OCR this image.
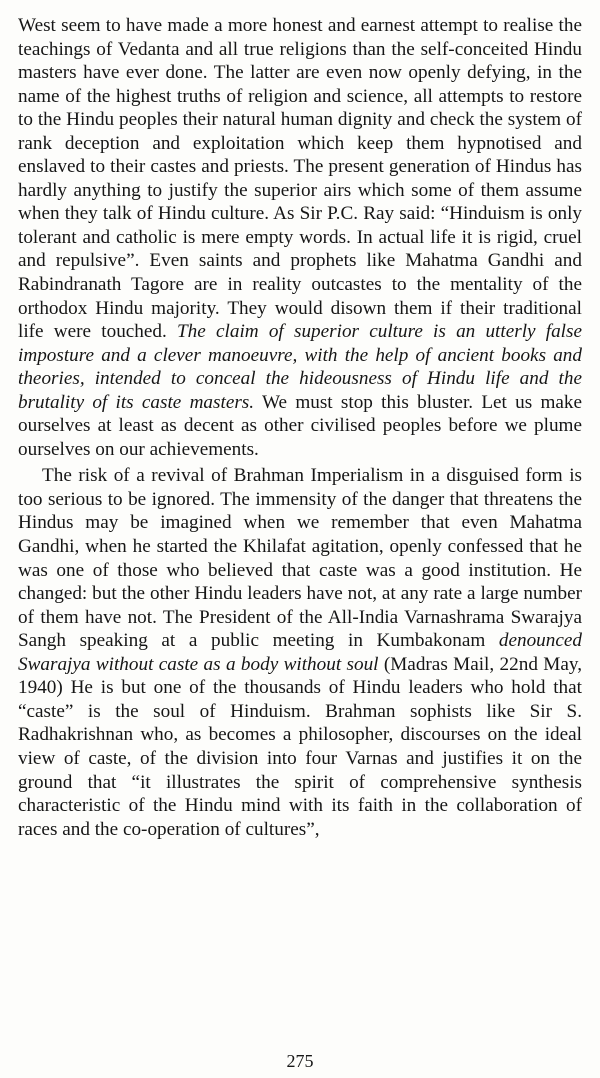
West seem to have made a more honest and earnest attempt to realise the teachings of Vedanta and all true religions than the self-conceited Hindu masters have ever done. The latter are even now openly defying, in the name of the highest truths of religion and science, all attempts to restore to the Hindu peoples their natural human dignity and check the system of rank deception and exploitation which keep them hypnotised and enslaved to their castes and priests. The present generation of Hindus has hardly anything to justify the superior airs which some of them assume when they talk of Hindu culture. As Sir P.C. Ray said: “Hinduism is only tolerant and catholic is mere empty words. In actual life it is rigid, cruel and repulsive”. Even saints and prophets like Mahatma Gandhi and Rabindranath Tagore are in reality outcastes to the mentality of the orthodox Hindu majority. They would disown them if their traditional life were touched. The claim of superior culture is an utterly false imposture and a clever manoeuvre, with the help of ancient books and theories, intended to conceal the hideousness of Hindu life and the brutality of its caste masters. We must stop this bluster. Let us make ourselves at least as decent as other civilised peoples before we plume ourselves on our achievements.

The risk of a revival of Brahman Imperialism in a disguised form is too serious to be ignored. The immensity of the danger that threatens the Hindus may be imagined when we remember that even Mahatma Gandhi, when he started the Khilafat agitation, openly confessed that he was one of those who believed that caste was a good institution. He changed: but the other Hindu leaders have not, at any rate a large number of them have not. The President of the All-India Varnashrama Swarajya Sangh speaking at a public meeting in Kumbakonam denounced Swarajya without caste as a body without soul (Madras Mail, 22nd May, 1940) He is but one of the thousands of Hindu leaders who hold that “caste” is the soul of Hinduism. Brahman sophists like Sir S. Radhakrishnan who, as becomes a philosopher, discourses on the ideal view of caste, of the division into four Varnas and justifies it on the ground that “it illustrates the spirit of comprehensive synthesis characteristic of the Hindu mind with its faith in the collaboration of races and the co-operation of cultures”,

275
